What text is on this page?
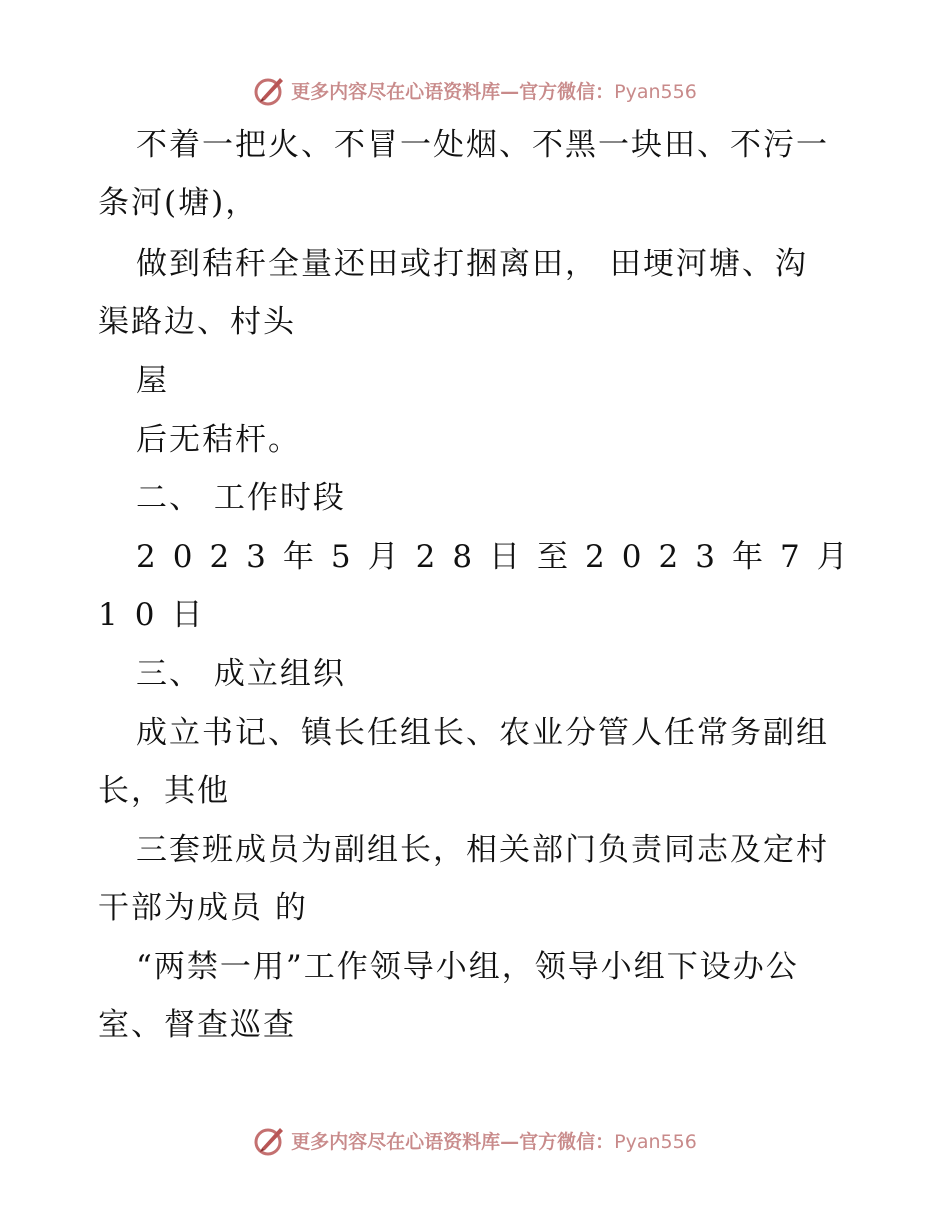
更多内容尽在心语资料库—官方微信：Pyan556
不着一把火、不冒一处烟、不黑一块田、不污一
条河(塘)，
做到秸秆全量还田或打捆离田， 田埂河塘、沟
渠路边、村头
屋
后无秸杆。
二、 工作时段
2023年5月28日至2023年7月
10日
三、 成立组织
成立书记、镇长任组长、农业分管人任常务副组
长，其他
三套班成员为副组长，相关部门负责同志及定村
干部为成员 的
“两禁一用”工作领导小组，领导小组下设办公
室、督查巡查
更多内容尽在心语资料库—官方微信：Pyan556
